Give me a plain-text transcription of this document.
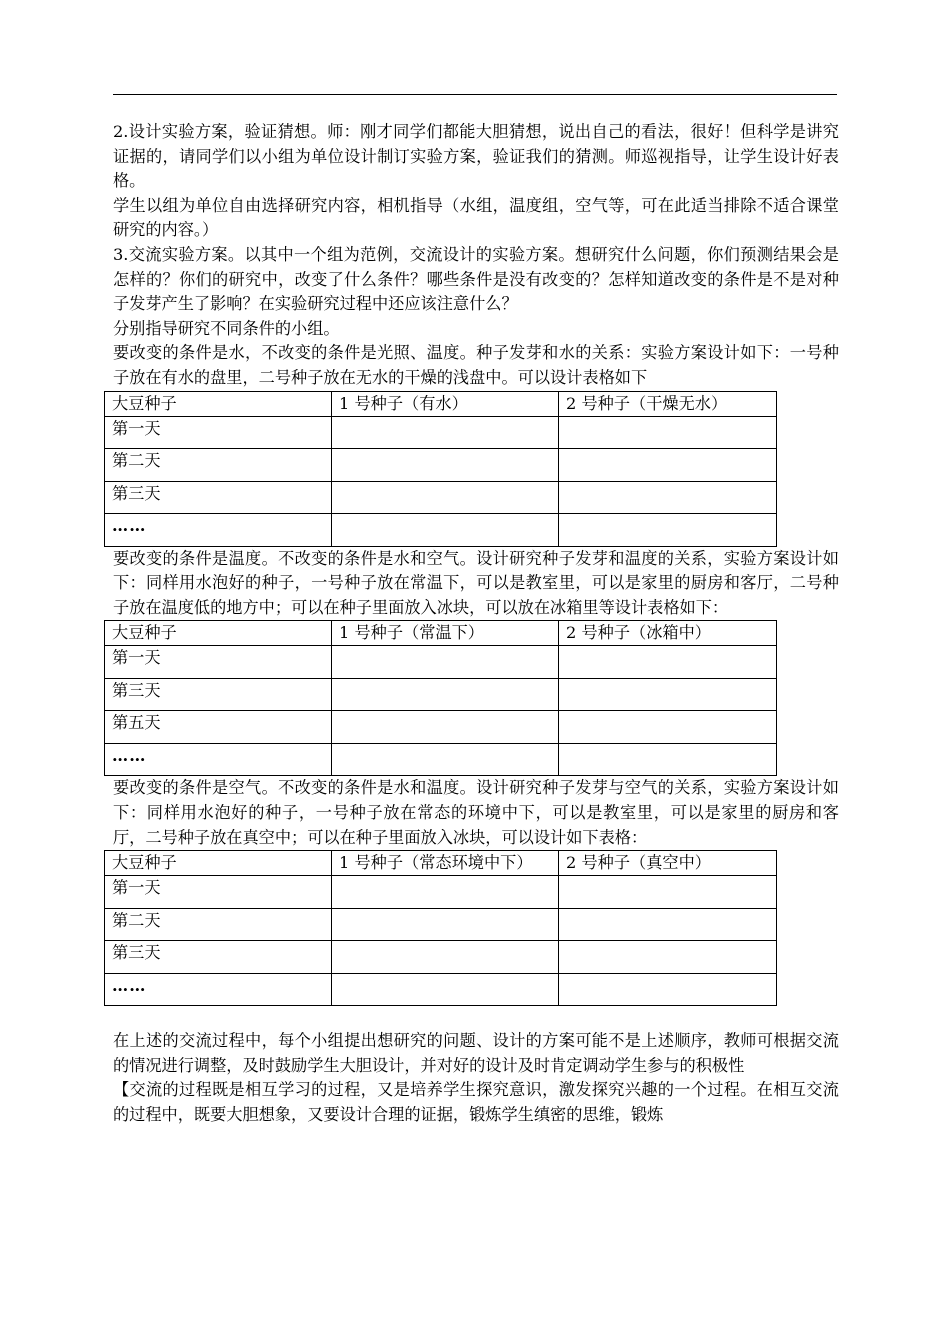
2.设计实验方案，验证猜想。师：刚才同学们都能大胆猜想，说出自己的看法，很好！但科学是讲究证据的，请同学们以小组为单位设计制订实验方案，验证我们的猜测。师巡视指导，让学生设计好表格。

学生以组为单位自由选择研究内容，相机指导（水组，温度组，空气等，可在此适当排除不适合课堂研究的内容。）

3.交流实验方案。以其中一个组为范例，交流设计的实验方案。想研究什么问题，你们预测结果会是怎样的？你们的研究中，改变了什么条件？哪些条件是没有改变的？怎样知道改变的条件是不是对种子发芽产生了影响？在实验研究过程中还应该注意什么？

分别指导研究不同条件的小组。

要改变的条件是水，不改变的条件是光照、温度。种子发芽和水的关系：实验方案设计如下：一号种子放在有水的盘里，二号种子放在无水的干燥的浅盘中。可以设计表格如下

大豆种子	1 号种子（有水）	2 号种子（干燥无水）
第一天		
第二天		
第三天		
……		

要改变的条件是温度。不改变的条件是水和空气。设计研究种子发芽和温度的关系，实验方案设计如下：同样用水泡好的种子，一号种子放在常温下，可以是教室里，可以是家里的厨房和客厅，二号种子放在温度低的地方中；可以在种子里面放入冰块，可以放在冰箱里等设计表格如下：

大豆种子	1 号种子（常温下）	2 号种子（冰箱中）
第一天		
第三天		
第五天		
……		

要改变的条件是空气。不改变的条件是水和温度。设计研究种子发芽与空气的关系，实验方案设计如下：同样用水泡好的种子，一号种子放在常态的环境中下，可以是教室里，可以是家里的厨房和客厅，二号种子放在真空中；可以在种子里面放入冰块，可以设计如下表格：

大豆种子	1 号种子（常态环境中下）	2 号种子（真空中）
第一天		
第二天		
第三天		
……		

在上述的交流过程中，每个小组提出想研究的问题、设计的方案可能不是上述顺序，教师可根据交流的情况进行调整，及时鼓励学生大胆设计，并对好的设计及时肯定调动学生参与的积极性

【交流的过程既是相互学习的过程，又是培养学生探究意识，激发探究兴趣的一个过程。在相互交流的过程中，既要大胆想象，又要设计合理的证据，锻炼学生缜密的思维，锻炼
